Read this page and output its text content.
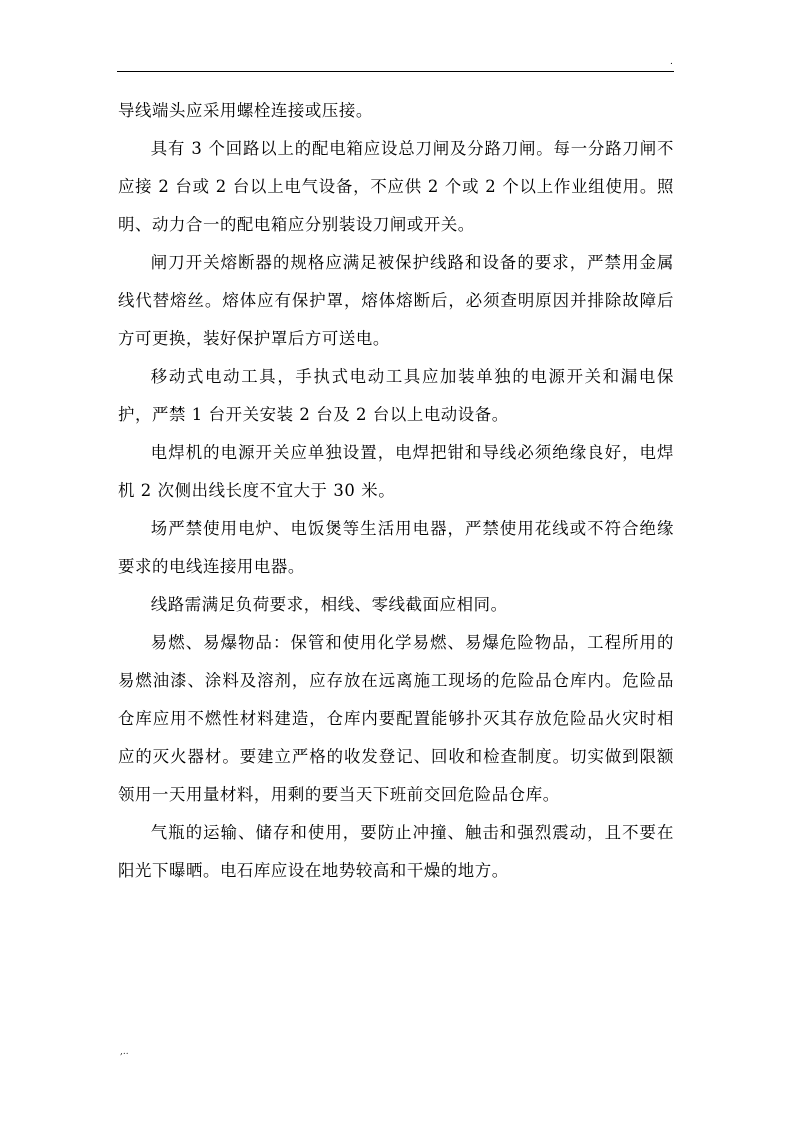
.

导线端头应采用螺栓连接或压接。

具有 3 个回路以上的配电箱应设总刀闸及分路刀闸。每一分路刀闸不应接 2 台或 2 台以上电气设备，不应供 2 个或 2 个以上作业组使用。照明、动力合一的配电箱应分别装设刀闸或开关。

闸刀开关熔断器的规格应满足被保护线路和设备的要求，严禁用金属线代替熔丝。熔体应有保护罩，熔体熔断后，必须查明原因并排除故障后方可更换，装好保护罩后方可送电。

移动式电动工具，手执式电动工具应加装单独的电源开关和漏电保护，严禁 1 台开关安装 2 台及 2 台以上电动设备。

电焊机的电源开关应单独设置，电焊把钳和导线必须绝缘良好，电焊机 2 次侧出线长度不宜大于 30 米。

场严禁使用电炉、电饭煲等生活用电器，严禁使用花线或不符合绝缘要求的电线连接用电器。

线路需满足负荷要求，相线、零线截面应相同。

易燃、易爆物品：保管和使用化学易燃、易爆危险物品，工程所用的易燃油漆、涂料及溶剂，应存放在远离施工现场的危险品仓库内。危险品仓库应用不燃性材料建造，仓库内要配置能够扑灭其存放危险品火灾时相应的灭火器材。要建立严格的收发登记、回收和检查制度。切实做到限额领用一天用量材料，用剩的要当天下班前交回危险品仓库。

气瓶的运输、储存和使用，要防止冲撞、触击和强烈震动，且不要在阳光下曝晒。电石库应设在地势较高和干燥的地方。

,..
